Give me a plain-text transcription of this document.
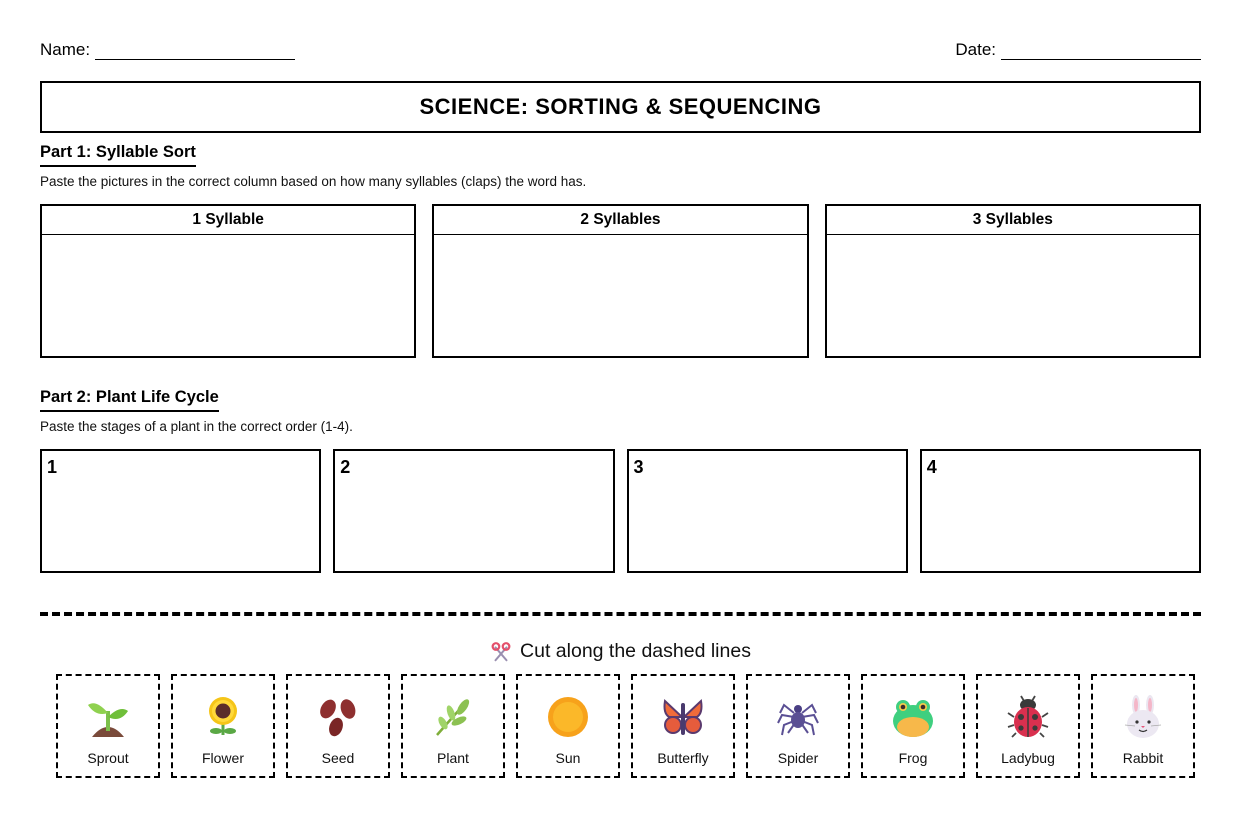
Name:	Date:
SCIENCE: SORTING & SEQUENCING
Part 1: Syllable Sort
Paste the pictures in the correct column based on how many syllables (claps) the word has.
1 Syllable	2 Syllables	3 Syllables
Part 2: Plant Life Cycle
Paste the stages of a plant in the correct order (1-4).
1	2	3	4
Cut along the dashed lines
Sprout	Flower	Seed	Plant	Sun	Butterfly	Spider	Frog	Ladybug	Rabbit
